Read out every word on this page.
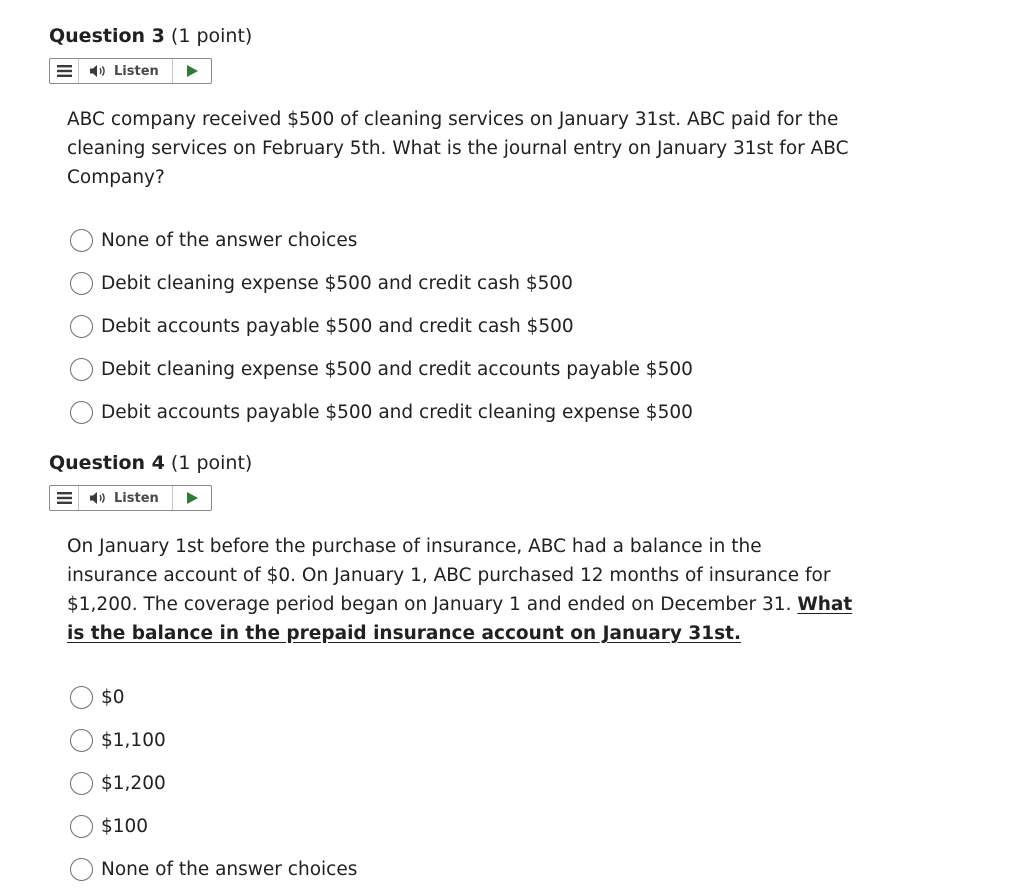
Question 3 (1 point)
Listen
ABC company received $500 of cleaning services on January 31st. ABC paid for the cleaning services on February 5th. What is the journal entry on January 31st for ABC Company?
None of the answer choices
Debit cleaning expense $500 and credit cash $500
Debit accounts payable $500 and credit cash $500
Debit cleaning expense $500 and credit accounts payable $500
Debit accounts payable $500 and credit cleaning expense $500
Question 4 (1 point)
Listen
On January 1st before the purchase of insurance, ABC had a balance in the insurance account of $0. On January 1, ABC purchased 12 months of insurance for $1,200. The coverage period began on January 1 and ended on December 31. What is the balance in the prepaid insurance account on January 31st.
$0
$1,100
$1,200
$100
None of the answer choices
